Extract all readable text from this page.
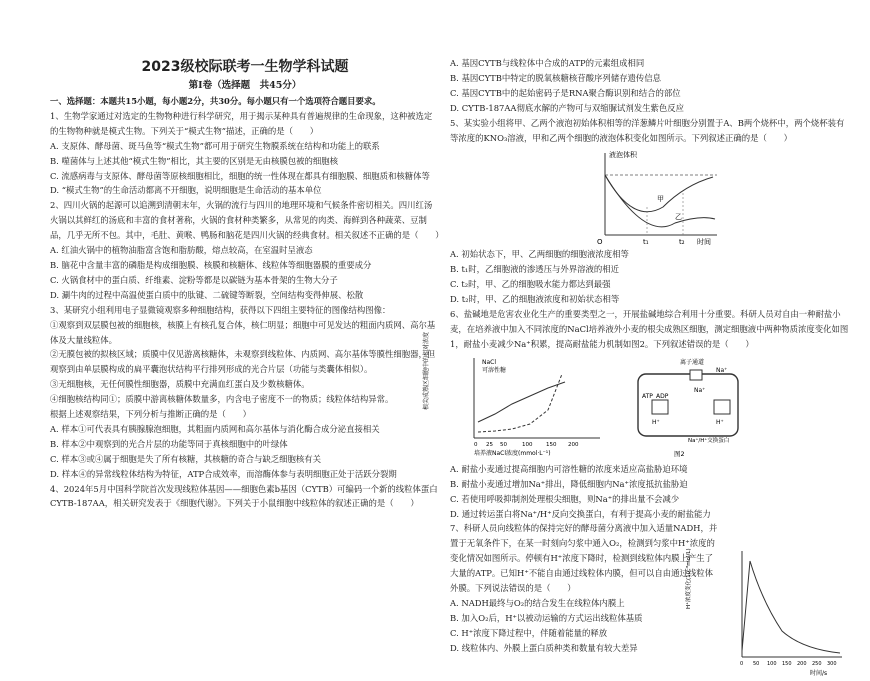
2023级校际联考一生物学科试题
第Ⅰ卷（选择题　共45分）
一、选择题：本题共15小题，每小题2分，共30分。每小题只有一个选项符合题目要求。
1、生物学家通过对选定的生物物种进行科学研究，用于揭示某种具有普遍规律的生命现象，这种被选定的生物物种就是模式生物。下列关于“模式生物”描述，正确的是（　　）
A. 支原体、酵母菌、斑马鱼等“模式生物”都可用于研究生物膜系统在结构和功能上的联系
B. 噬菌体与上述其他“模式生物”相比，其主要的区别是无由核膜包被的细胞核
C. 流感病毒与支原体、酵母菌等原核细胞相比，细胞的统一性体现在都具有细胞膜、细胞质和核糖体等
D. “模式生物”的生命活动都离不开细胞，说明细胞是生命活动的基本单位
2、四川火锅的起源可以追溯到清朝末年，火锅的流行与四川的地理环境和气候条件密切相关。四川红汤火锅以其鲜红的汤底和丰富的食材著称，火锅的食材种类繁多，从常见的肉类、海鲜到各种蔬菜、豆制品，几乎无所不包。其中，毛肚、黄喉、鸭肠和脑花是四川火锅的经典食材。相关叙述不正确的是（　　）
A. 红油火锅中的植物油脂富含饱和脂肪酸，熔点较高，在室温时呈液态
B. 脑花中含量丰富的磷脂是构成细胞膜、核膜和核糖体、线粒体等细胞器膜的重要成分
C. 火锅食材中的蛋白质、纤维素、淀粉等都是以碳链为基本骨架的生物大分子
D. 涮牛肉的过程中高温使蛋白质中的肽键、二硫键等断裂，空间结构变得伸展、松散
3、某研究小组利用电子显微镜观察多种细胞结构，获得以下四组主要特征的图像结构图像：
①观察到双层膜包被的细胞核，核膜上有核孔复合体，核仁明显；细胞中可见发达的粗面内质网、高尔基体及大量线粒体。
②无膜包被的拟核区域；质膜中仅见游离核糖体，未观察到线粒体、内质网、高尔基体等膜性细胞器，但观察到由单层膜构成的扁平囊泡状结构平行排列形成的光合片层（功能与类囊体相似）。
③无细胞核，无任何膜性细胞器，质膜中充满血红蛋白及少数核糖体。
④细胞核结构同①；质膜中游离核糖体数量多，内含电子密度不一的物质；线粒体结构异常。
根据上述观察结果，下列分析与推断正确的是（　　）
A. 样本①可代表具有胰腺腺泡细胞，其粗面内质网和高尔基体与消化酶合成分泌直接相关
B. 样本②中观察到的光合片层的功能等同于真核细胞中的叶绿体
C. 样本③或④属于细胞是失了所有核糖，其核糖的奇合与缺乏细胞核有关
D. 样本④的异常线粒体结构为特征，ATP合成效率，而溶酶体参与表明细胞正处于活跃分裂期
4、2024年5月中国科学院首次发现线粒体基因——细胞色素b基因（CYTB）可编码一个新的线粒体蛋白CYTB-187AA，相关研究发表于《细胞代谢》。下列关于小鼠细胞中线粒体的叙述正确的是（　　）
A. 基因CYTB与线粒体中合成的ATP的元素组成相同
B. 基因CYTB中特定的脱氧核糖核苷酸序列储存遗传信息
C. 基因CYTB中的起始密码子是RNA聚合酶识别和结合的部位
D. CYTB-187AA彻底水解的产物可与双缩脲试剂发生紫色反应
5、某实验小组将甲、乙两个液泡初始体积相等的洋葱鳞片叶细胞分别置于A、B两个烧杯中，两个烧杯装有等浓度的KNO₃溶液，甲和乙两个细胞的液泡体积变化如图所示。下列叙述正确的是（　　）
液泡体积
时间
甲
乙
O	t₁	t₂
A. 初始状态下，甲、乙两细胞的细胞液浓度相等
B. t₁时，乙细胞液的渗透压与外界溶液的相近
C. t₂时，甲、乙的细胞吸水能力都达到最强
D. t₂时，甲、乙的细胞液浓度和初始状态相等
6、盐碱地是危害农业化生产的重要类型之一，开展盐碱地综合利用十分重要。科研人员对自由一种耐盐小麦，在培养液中加入不同浓度的NaCl培养液外小麦的根尖成熟区细胞，测定细胞液中两种物质浓度变化如图1，耐盐小麦减少Na⁺积累，提高耐盐能力机制如图2。下列叙述错误的是（　　）
根尖成熟区细胞中的相对浓度	NaCl
可溶性糖
0 25 50	100 150 200
培养液NaCl浓度(mmol·L⁻¹)
离子通道
Na⁺
Na⁺
ATP ADP
H⁺	H⁺
Na⁺/H⁺交换蛋白
图2
A. 耐盐小麦通过提高细胞内可溶性糖的浓度来适应高盐胁迫环境
B. 耐盐小麦通过增加Na⁺排出，降低细胞内Na⁺浓度抵抗盐胁迫
C. 若使用呼吸抑制剂处理根尖细胞，则Na⁺的排出量不会减少
D. 通过转运蛋白将Na⁺/H⁺反向交换蛋白，有利于提高小麦的耐盐能力
7、科研人员向线粒体的保持完好的酵母菌分离液中加入适量NADH，并置于无氧条件下，在某一时刻向匀浆中通入O₂，检测到匀浆中H⁺浓度的变化情况如图所示。停顿有H⁺浓度下降时，检测到线粒体内膜上产生了大量的ATP。已知H⁺不能自由通过线粒体内膜，但可以自由通过线粒体外膜。下列说法错误的是（　　）
A. NADH最终与O₂的结合发生在线粒体内膜上
B. 加入O₂后，H⁺以被动运输的方式运出线粒体基质
C. H⁺浓度下降过程中，伴随着能量的释放
D. 线粒体内、外膜上蛋白质种类和数量有较大差异
H⁺浓度变化(10⁻⁸mol/L)
0 50 100 150 200 250 300
时间/s
